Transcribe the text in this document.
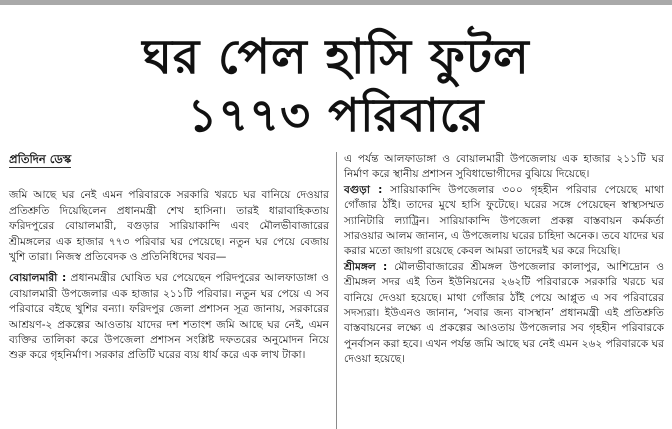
ঘর পেল হাসি ফুটল
১৭৭৩ পরিবারে

প্রতিদিন ডেস্ক

জমি আছে ঘর নেই এমন পরিবারকে সরকারি খরচে ঘর বানিয়ে দেওয়ার প্রতিশ্রুতি দিয়েছিলেন প্রধানমন্ত্রী শেখ হাসিনা। তারই ধারাবাহিকতায় ফরিদপুরের বোয়ালমারী, বগুড়ার সারিয়াকান্দি এবং মৌলভীবাজারের শ্রীমঙ্গলের এক হাজার ৭৭৩ পরিবার ঘর পেয়েছে। নতুন ঘর পেয়ে বেজায় খুশি তারা। নিজস্ব প্রতিবেদক ও প্রতিনিধিদের খবর—

বোয়ালমারী : প্রধানমন্ত্রীর ঘোষিত ঘর পেয়েছেন পরিদপুরের আলফাডাঙ্গা ও বোয়ালমারী উপজেলার এক হাজার ২১১টি পরিবার। নতুন ঘর পেয়ে এ সব পরিবারে বইছে খুশির বন্যা। ফরিদপুর জেলা প্রশাসন সূত্র জানায়, সরকারের আশ্রয়ণ-২ প্রকল্পের আওতায় যাদের দশ শতাংশ জমি আছে ঘর নেই, এমন ব্যক্তির তালিকা করে উপজেলা প্রশাসন সংশ্লিষ্ট দফতরের অনুমোদন নিয়ে শুরু করে গৃহনির্মাণ। সরকার প্রতিটি ঘরের ব্যয় ধার্য করে এক লাখ টাকা।

এ পর্যন্ত আলফাডাঙ্গা ও বোয়ালমারী উপজেলায় এক হাজার ২১১টি ঘর নির্মাণ করে স্থানীয় প্রশাসন সুবিধাভোগীদের বুঝিয়ে দিয়েছে।

বগুড়া : সারিয়াকান্দি উপজেলার ৩০০ গৃহহীন পরিবার পেয়েছে মাথা গোঁজার ঠাঁই। তাদের মুখে হাসি ফুটেছে। ঘরের সঙ্গে পেয়েছেন স্বাস্থ্যসম্মত স্যানিটারি ল্যাট্রিন। সারিয়াকান্দি উপজেলা প্রকল্প বাস্তবায়ন কর্মকর্তা সারওয়ার আলম জানান, এ উপজেলায় ঘরের চাহিদা অনেক। তবে যাদের ঘর করার মতো জায়গা রয়েছে কেবল আমরা তাদেরই ঘর করে দিয়েছি।

শ্রীমঙ্গল : মৌলভীবাজারের শ্রীমঙ্গল উপজেলার কালাপুর, আশিদ্রোন ও শ্রীমঙ্গল সদর এই তিন ইউনিয়নের ২৬২টি পরিবারকে সরকারি খরচে ঘর বানিয়ে দেওয়া হয়েছে। মাথা গোঁজার ঠাঁই পেয়ে আপ্লুত এ সব পরিবারের সদস্যরা। ইউএনও জানান, ‘সবার জন্য বাসস্থান’ প্রধানমন্ত্রী এই প্রতিশ্রুতি বাস্তবায়নের লক্ষ্যে এ প্রকল্পের আওতায় উপজেলার সব গৃহহীন পরিবারকে পুনর্বাসন করা হবে। এখন পর্যন্ত জমি আছে ঘর নেই এমন ২৬২ পরিবারকে ঘর দেওয়া হয়েছে।
